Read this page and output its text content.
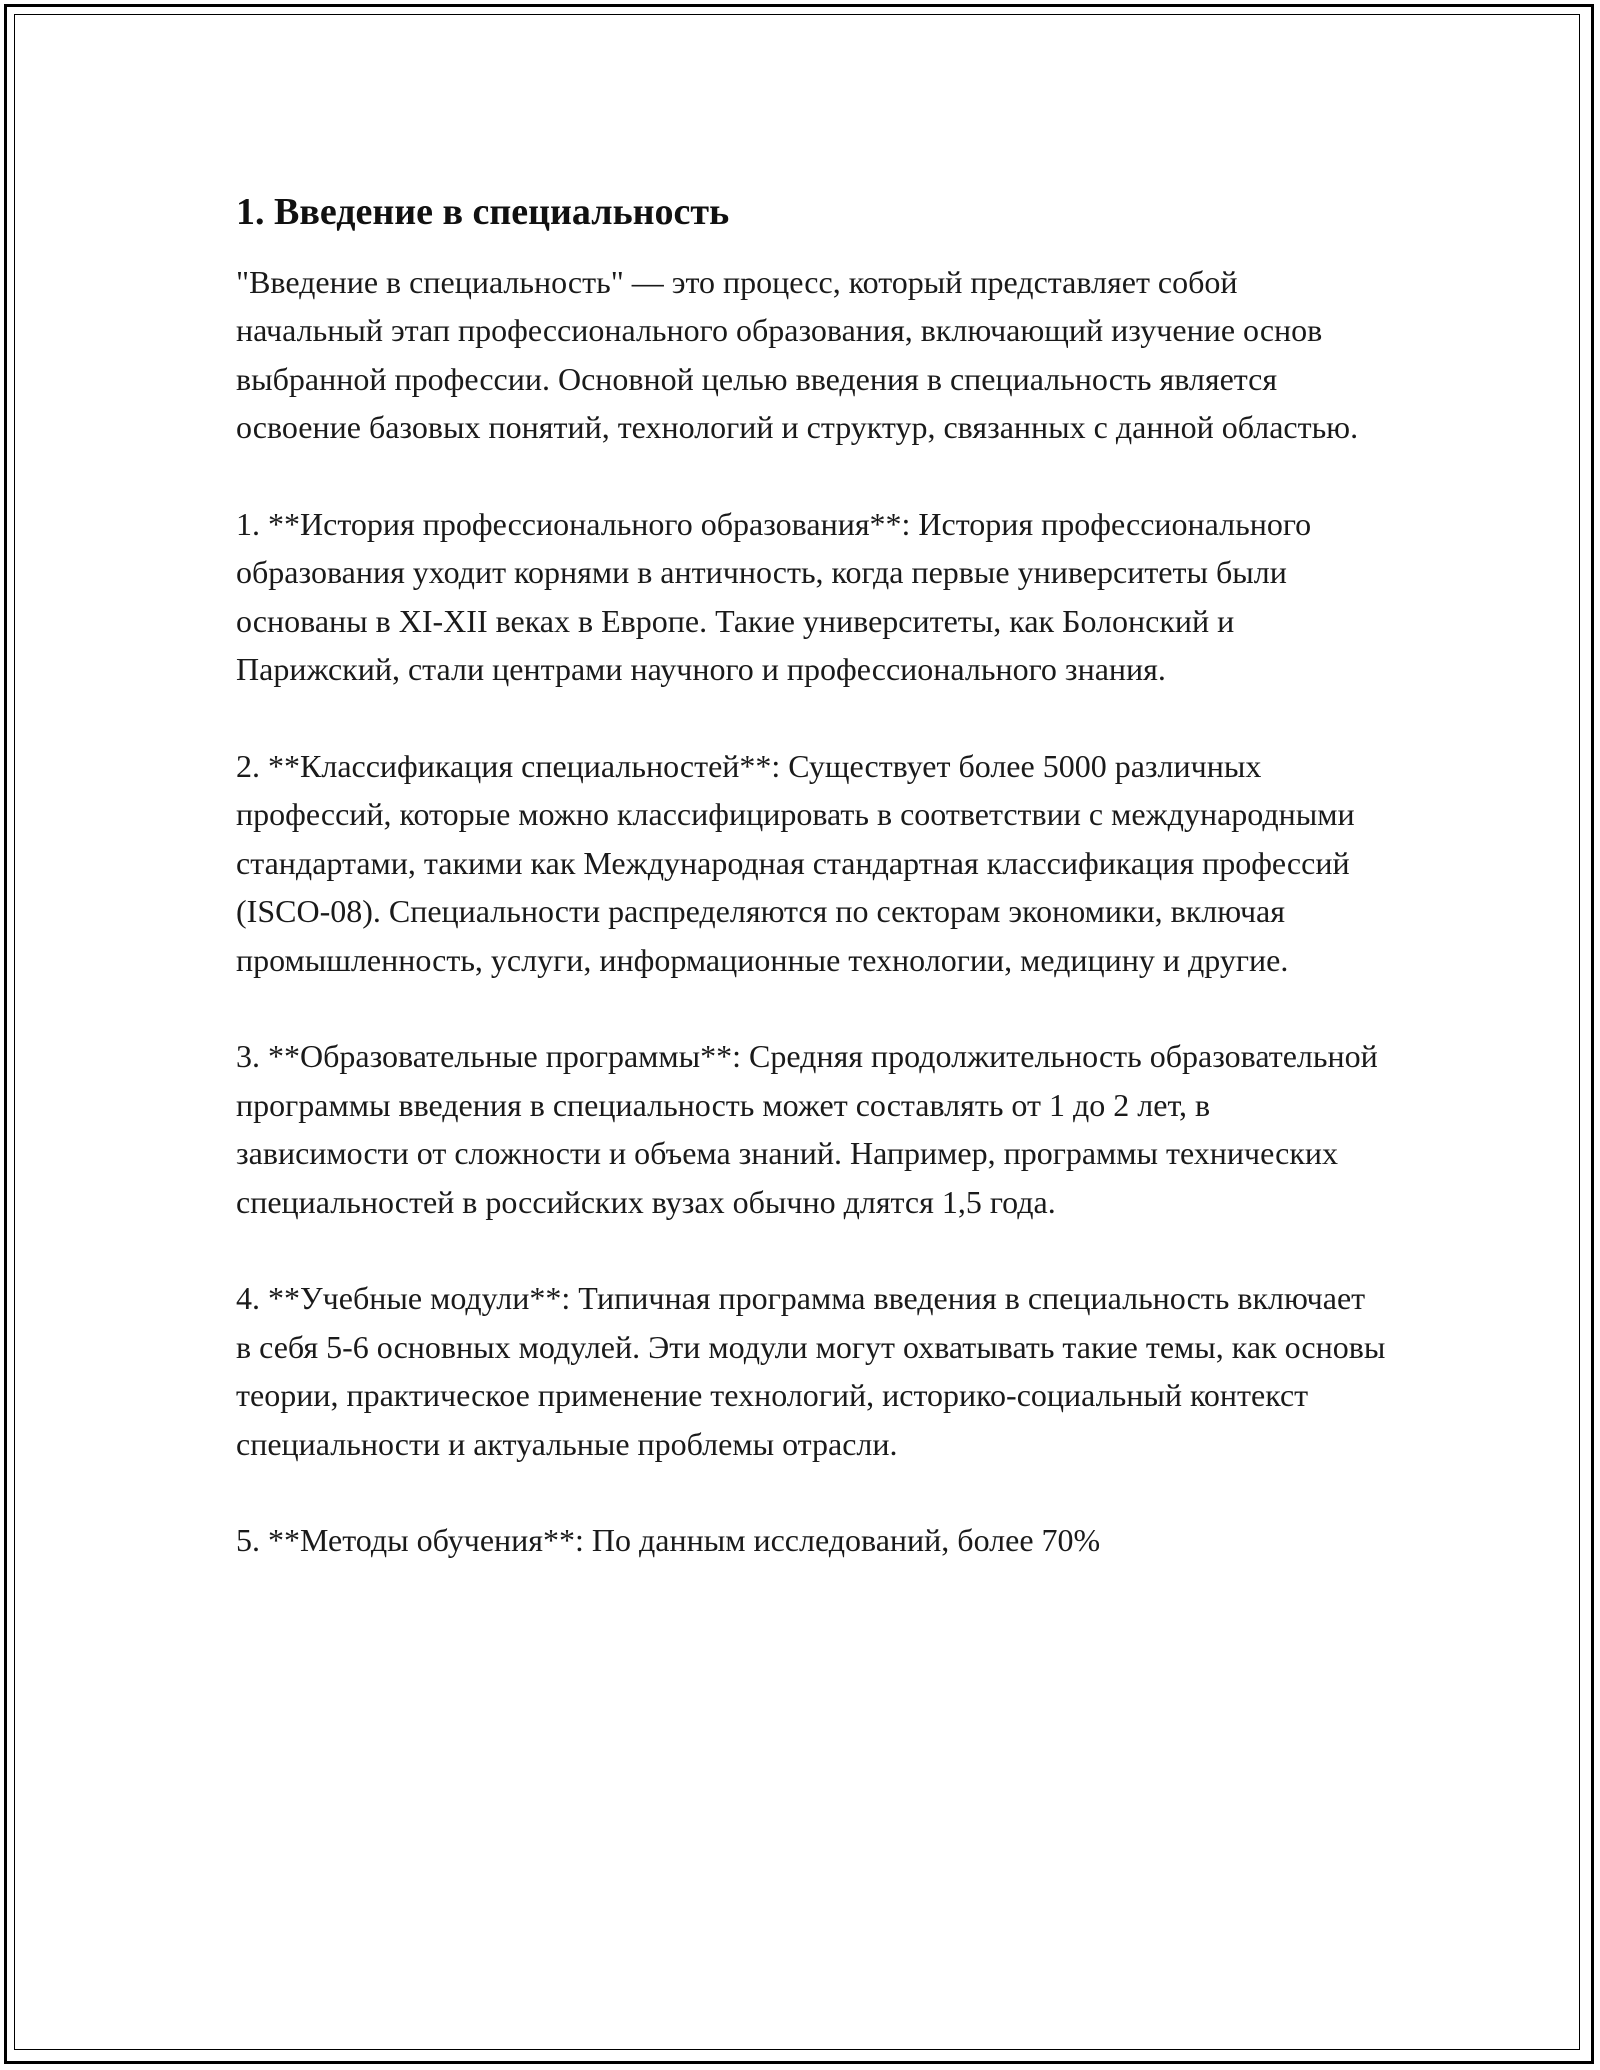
1. Введение в специальность

"Введение в специальность" — это процесс, который представляет собой начальный этап профессионального образования, включающий изучение основ выбранной профессии. Основной целью введения в специальность является освоение базовых понятий, технологий и структур, связанных с данной областью.

1. **История профессионального образования**: История профессионального образования уходит корнями в античность, когда первые университеты были основаны в XI-XII веках в Европе. Такие университеты, как Болонский и Парижский, стали центрами научного и профессионального знания.

2. **Классификация специальностей**: Существует более 5000 различных профессий, которые можно классифицировать в соответствии с международными стандартами, такими как Международная стандартная классификация профессий (ISCO-08). Специальности распределяются по секторам экономики, включая промышленность, услуги, информационные технологии, медицину и другие.

3. **Образовательные программы**: Средняя продолжительность образовательной программы введения в специальность может составлять от 1 до 2 лет, в зависимости от сложности и объема знаний. Например, программы технических специальностей в российских вузах обычно длятся 1,5 года.

4. **Учебные модули**: Типичная программа введения в специальность включает в себя 5-6 основных модулей. Эти модули могут охватывать такие темы, как основы теории, практическое применение технологий, историко-социальный контекст специальности и актуальные проблемы отрасли.

5. **Методы обучения**: По данным исследований, более 70%
